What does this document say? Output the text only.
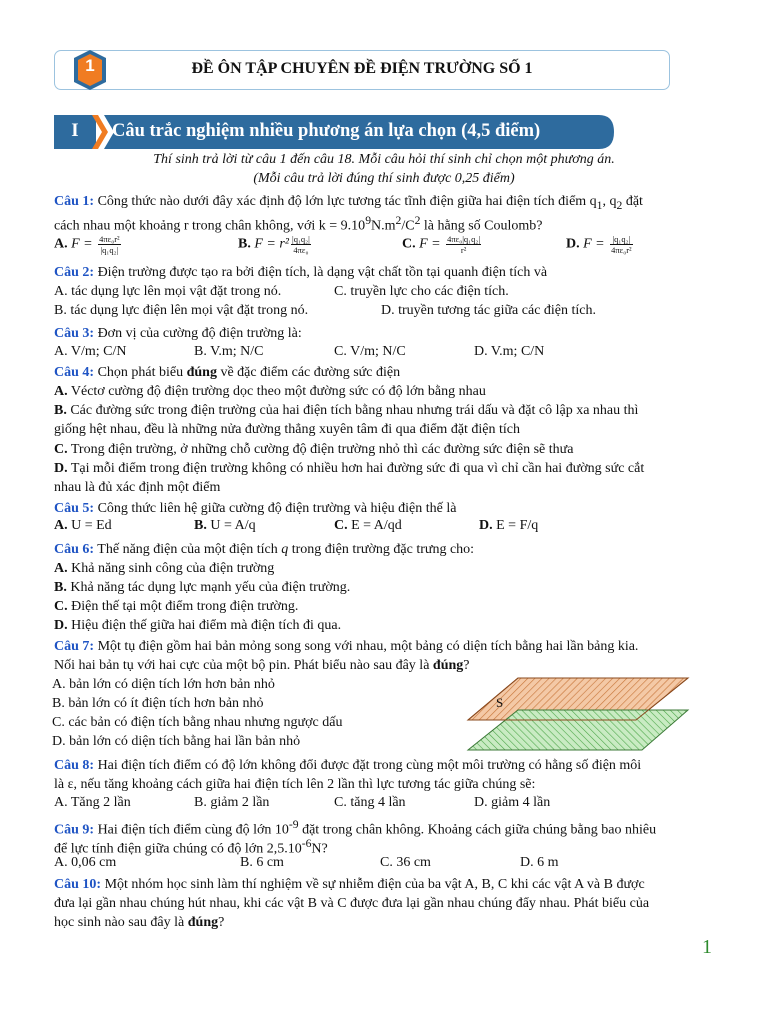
1	ĐỀ ÔN TẬP CHUYÊN ĐỀ ĐIỆN TRƯỜNG SỐ 1
I	Câu trắc nghiệm nhiều phương án lựa chọn (4,5 điểm)
Thí sinh trả lời từ câu 1 đến câu 18. Mỗi câu hỏi thí sinh chỉ chọn một phương án.
(Mỗi câu trả lời đúng thí sinh được 0,25 điểm)
Câu 1: Công thức nào dưới đây xác định độ lớn lực tương tác tĩnh điện giữa hai điện tích điểm $q_1$, $q_2$ đặt
cách nhau một khoảng r trong chân không, với $k = 9.10^9N.m^2/C^2$ là hằng số Coulomb?
A. $F = \frac{\text{4πε₀r²}}{\text{|q₁q₂|}}$	B. $F = r^2 \frac{\text{|q₁q₂|}}{\text{4πε₀}}$	C. $F = \frac{\text{4πε₀|q₁q₂|}}{\text{r²}}$	D. $F = \frac{\text{|q₁q₂|}}{\text{4πε₀r²}}$
Câu 2: Điện trường được tạo ra bởi điện tích, là dạng vật chất tồn tại quanh điện tích và
A. tác dụng lực lên mọi vật đặt trong nó.	C. truyền lực cho các điện tích.
B. tác dụng lực điện lên mọi vật đặt trong nó.	D. truyền tương tác giữa các điện tích.
Câu 3: Đơn vị của cường độ điện trường là:
A. V/m; C/N	B. V.m; N/C	C. V/m; N/C	D. V.m; C/N
Câu 4: Chọn phát biểu đúng về đặc điểm các đường sức điện
A. Véctơ cường độ điện trường dọc theo một đường sức có độ lớn bằng nhau
B. Các đường sức trong điện trường của hai điện tích bằng nhau nhưng trái dấu và đặt cô lập xa nhau thì
giống hệt nhau, đều là những nửa đường thẳng xuyên tâm đi qua điểm đặt điện tích
C. Trong điện trường, ở những chỗ cường độ điện trường nhỏ thì các đường sức điện sẽ thưa
D. Tại mỗi điểm trong điện trường không có nhiều hơn hai đường sức đi qua vì chỉ cần hai đường sức cắt
nhau là đủ xác định một điểm
Câu 5: Công thức liên hệ giữa cường độ điện trường và hiệu điện thế là
A. U = Ed	B. U = A/q	C. E = A/qd	D. E = F/q
Câu 6: Thế năng điện của một điện tích q trong điện trường đặc trưng cho:
A. Khả năng sinh công của điện trường
B. Khả năng tác dụng lực mạnh yếu của điện trường.
C. Điện thế tại một điểm trong điện trường.
D. Hiệu điện thế giữa hai điểm mà điện tích đi qua.
Câu 7: Một tụ điện gồm hai bản mỏng song song với nhau, một bảng có diện tích bằng hai lần bảng kia.
Nối hai bản tụ với hai cực của một bộ pin. Phát biểu nào sau đây là đúng?
A. bản lớn có diện tích lớn hơn bản nhỏ
B. bản lớn có ít điện tích hơn bản nhỏ
C. các bản có điện tích bằng nhau nhưng ngược dấu
D. bản lớn có diện tích bằng hai lần bản nhỏ
S
Câu 8: Hai điện tích điểm có độ lớn không đổi được đặt trong cùng một môi trường có hằng số điện môi
là ε, nếu tăng khoảng cách giữa hai điện tích lên 2 lần thì lực tương tác giữa chúng sẽ:
A. Tăng 2 lần	B. giảm 2 lần	C. tăng 4 lần	D. giảm 4 lần
Câu 9: Hai điện tích điểm cùng độ lớn $10^{-9}$ đặt trong chân không. Khoảng cách giữa chúng bằng bao nhiêu
để lực tính điện giữa chúng có độ lớn $2,5.10^{-6}N$?
A. 0,06 cm	B. 6 cm	C. 36 cm	D. 6 m
Câu 10: Một nhóm học sinh làm thí nghiệm về sự nhiễm điện của ba vật A, B, C khi các vật A và B được
đưa lại gần nhau chúng hút nhau, khi các vật B và C được đưa lại gần nhau chúng đẩy nhau. Phát biểu của
học sinh nào sau đây là đúng?
1
